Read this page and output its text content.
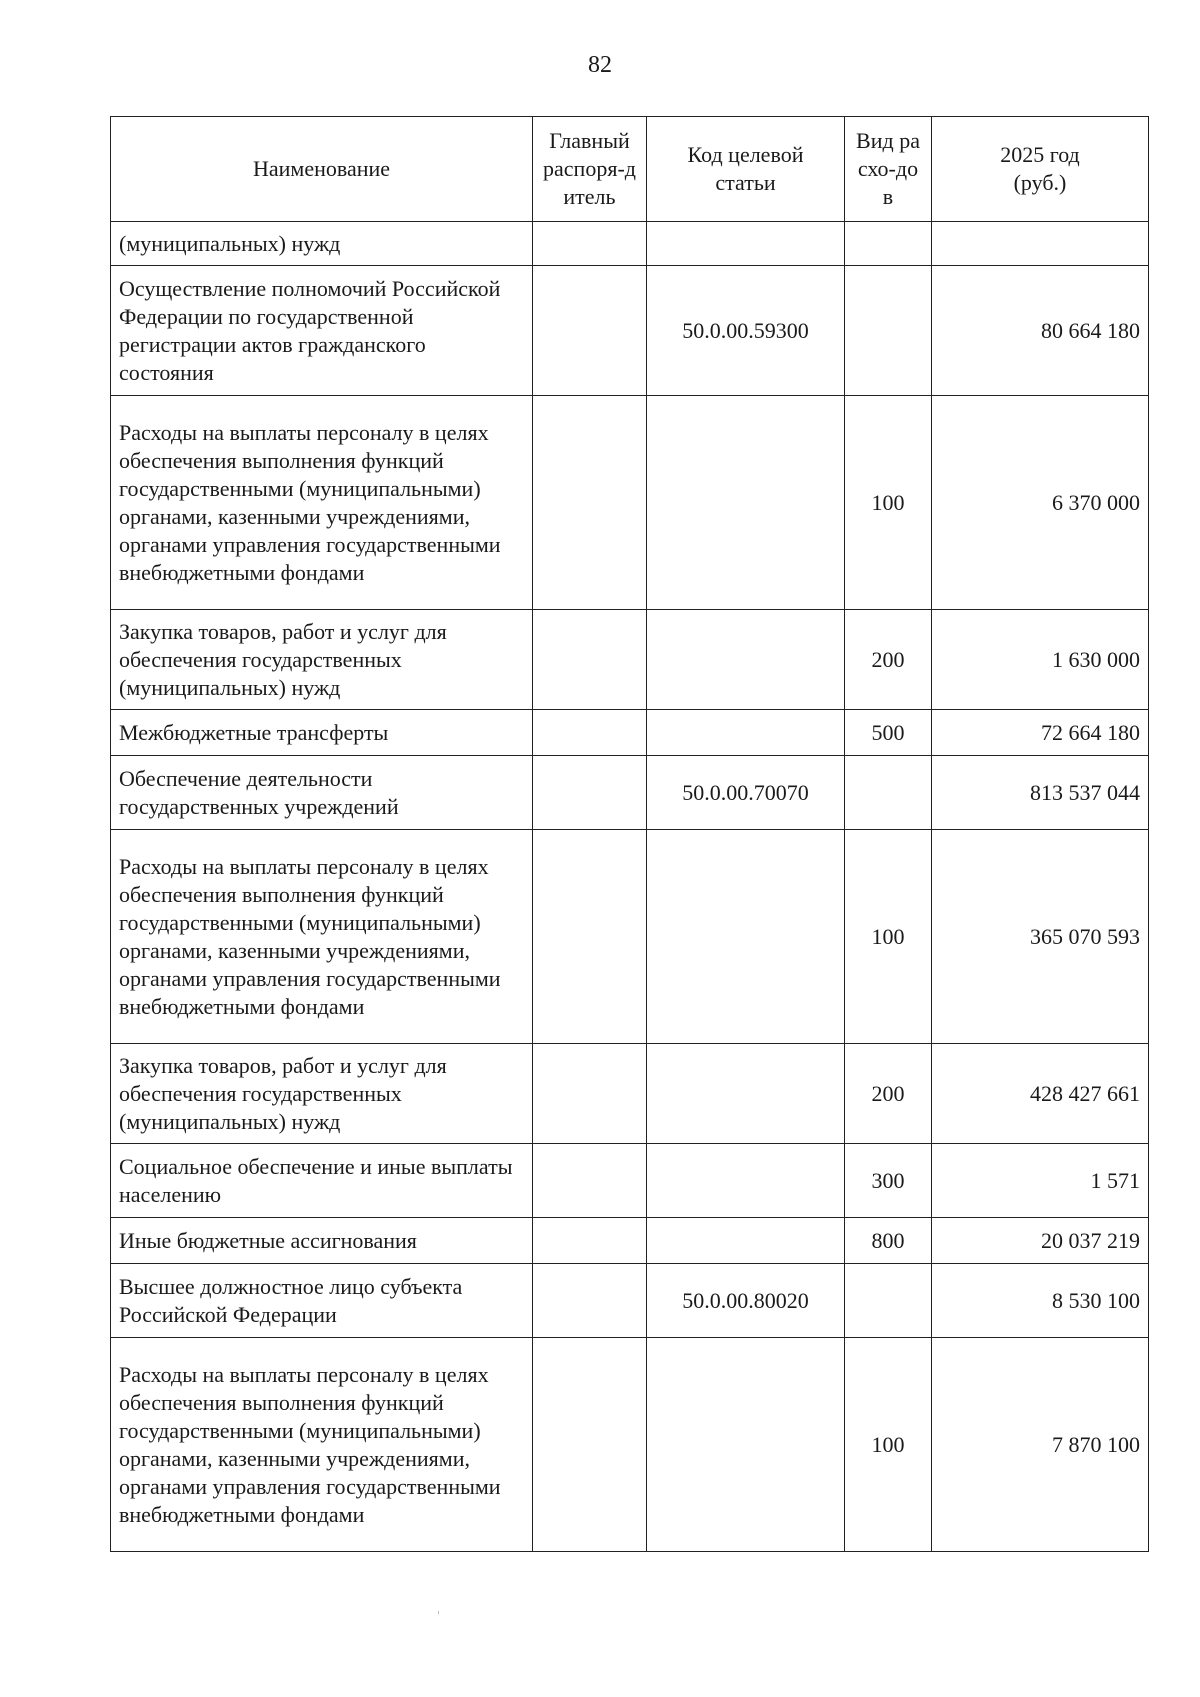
82
Наименование	Главный распоря-дитель	Код целевой статьи	Вид расхо-дов	2025 год (руб.)
(муниципальных) нужд				
Осуществление полномочий Российской Федерации по государственной регистрации актов гражданского состояния		50.0.00.59300		80 664 180
Расходы на выплаты персоналу в целях обеспечения выполнения функций государственными (муниципальными) органами, казенными учреждениями, органами управления государственными внебюджетными фондами			100	6 370 000
Закупка товаров, работ и услуг для обеспечения государственных (муниципальных) нужд			200	1 630 000
Межбюджетные трансферты			500	72 664 180
Обеспечение деятельности государственных учреждений		50.0.00.70070		813 537 044
Расходы на выплаты персоналу в целях обеспечения выполнения функций государственными (муниципальными) органами, казенными учреждениями, органами управления государственными внебюджетными фондами			100	365 070 593
Закупка товаров, работ и услуг для обеспечения государственных (муниципальных) нужд			200	428 427 661
Социальное обеспечение и иные выплаты населению			300	1 571
Иные бюджетные ассигнования			800	20 037 219
Высшее должностное лицо субъекта Российской Федерации		50.0.00.80020		8 530 100
Расходы на выплаты персоналу в целях обеспечения выполнения функций государственными (муниципальными) органами, казенными учреждениями, органами управления государственными внебюджетными фондами			100	7 870 100
